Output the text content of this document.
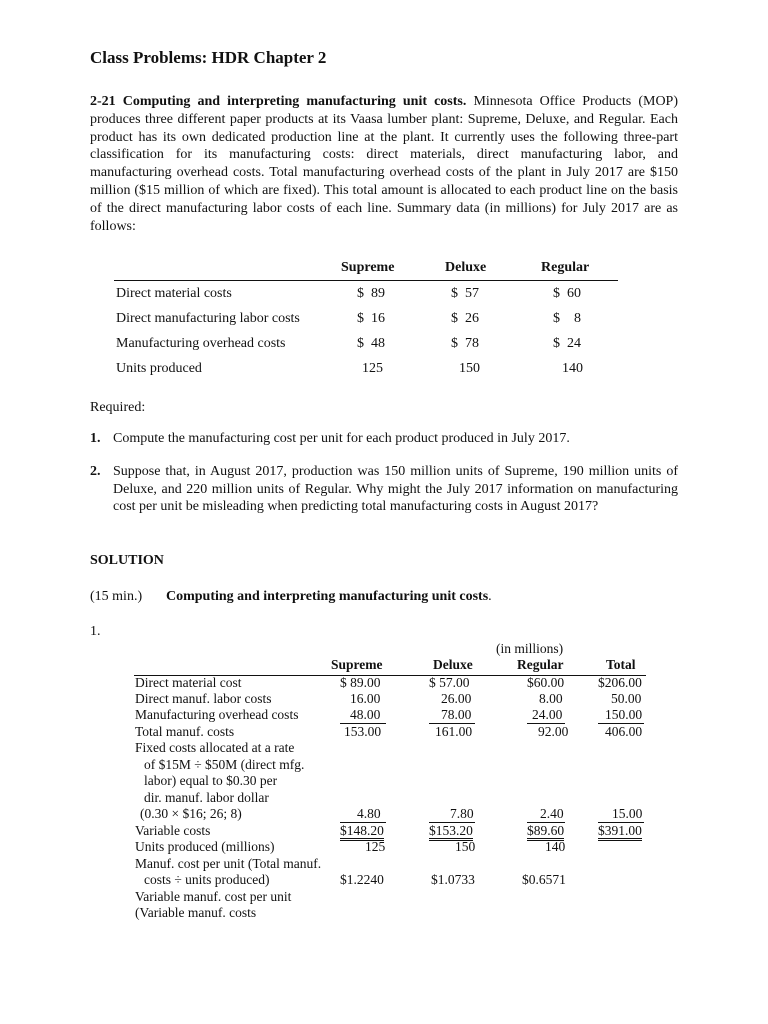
Class Problems: HDR Chapter 2
2-21 Computing and interpreting manufacturing unit costs. Minnesota Office Products (MOP) produces three different paper products at its Vaasa lumber plant: Supreme, Deluxe, and Regular. Each product has its own dedicated production line at the plant. It currently uses the following three-part classification for its manufacturing costs: direct materials, direct manufacturing labor, and manufacturing overhead costs. Total manufacturing overhead costs of the plant in July 2017 are $150 million ($15 million of which are fixed). This total amount is allocated to each product line on the basis of the direct manufacturing labor costs of each line. Summary data (in millions) for July 2017 are as follows:
Supreme	Deluxe	Regular
Direct material costs	$  89	$  57	$  60
Direct manufacturing labor costs	$  16	$  26	$    8
Manufacturing overhead costs	$  48	$  78	$  24
Units produced	125	150	140
Required:
1. Compute the manufacturing cost per unit for each product produced in July 2017.
2. Suppose that, in August 2017, production was 150 million units of Supreme, 190 million units of Deluxe, and 220 million units of Regular. Why might the July 2017 information on manufacturing cost per unit be misleading when predicting total manufacturing costs in August 2017?
SOLUTION
(15 min.) Computing and interpreting manufacturing unit costs.
1.
(in millions)
Supreme	Deluxe	Regular	Total
Direct material cost	$ 89.00	$ 57.00	$60.00	$206.00
Direct manuf. labor costs	16.00	26.00	8.00	50.00
Manufacturing overhead costs	48.00	78.00	24.00	150.00
Total manuf. costs	153.00	161.00	92.00	406.00
Fixed costs allocated at a rate
of $15M ÷ $50M (direct mfg.
labor) equal to $0.30 per
dir. manuf. labor dollar
(0.30 × $16; 26; 8)	4.80	7.80	2.40	15.00
Variable costs	$148.20	$153.20	$89.60	$391.00
Units produced (millions)	125	150	140
Manuf. cost per unit (Total manuf.
costs ÷ units produced)	$1.2240	$1.0733	$0.6571
Variable manuf. cost per unit
(Variable manuf. costs
